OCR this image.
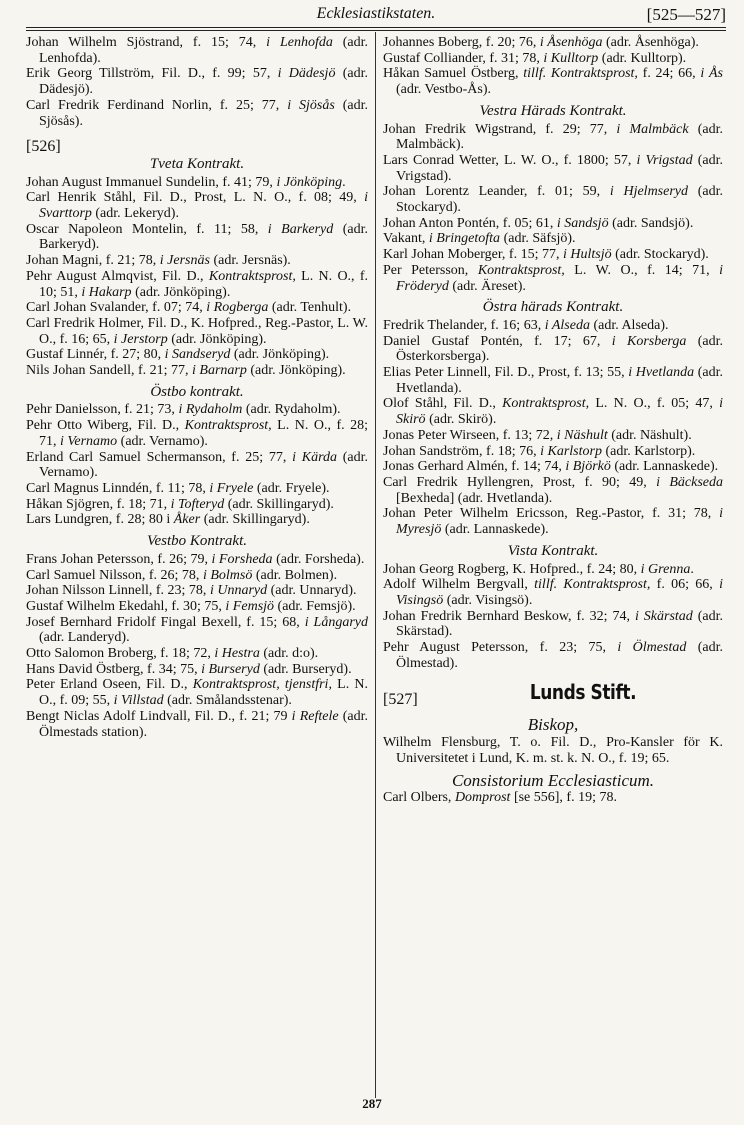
Ecklesiastikstaten.	[525—527]
Johan Wilhelm Sjöstrand, f. 15; 74, i Lenhofda (adr. Lenhofda).
Erik Georg Tillström, Fil. D., f. 99; 57, i Dädesjö (adr. Dädesjö).
Carl Fredrik Ferdinand Norlin, f. 25; 77, i Sjösås (adr. Sjösås).
[526]
Tveta Kontrakt.
Johan August Immanuel Sundelin, f. 41; 79, i Jönköping.
Carl Henrik Ståhl, Fil. D., Prost, L. N. O., f. 08; 49, i Svarttorp (adr. Lekeryd).
Oscar Napoleon Montelin, f. 11; 58, i Barkeryd (adr. Barkeryd).
Johan Magni, f. 21; 78, i Jersnäs (adr. Jersnäs).
Pehr August Almqvist, Fil. D., Kontraktsprost, L. N. O., f. 10; 51, i Hakarp (adr. Jönköping).
Carl Johan Svalander, f. 07; 74, i Rogberga (adr. Tenhult).
Carl Fredrik Holmer, Fil. D., K. Hofpred., Reg.-Pastor, L. W. O., f. 16; 65, i Jerstorp (adr. Jönköping).
Gustaf Linnér, f. 27; 80, i Sandseryd (adr. Jönköping).
Nils Johan Sandell, f. 21; 77, i Barnarp (adr. Jönköping).
Östbo kontrakt.
Pehr Danielsson, f. 21; 73, i Rydaholm (adr. Rydaholm).
Pehr Otto Wiberg, Fil. D., Kontraktsprost, L. N. O., f. 28; 71, i Vernamo (adr. Vernamo).
Erland Carl Samuel Schermanson, f. 25; 77, i Kärda (adr. Vernamo).
Carl Magnus Linndén, f. 11; 78, i Fryele (adr. Fryele).
Håkan Sjögren, f. 18; 71, i Tofteryd (adr. Skillingaryd).
Lars Lundgren, f. 28; 80 i Åker (adr. Skillingaryd).
Vestbo Kontrakt.
Frans Johan Petersson, f. 26; 79, i Forsheda (adr. Forsheda).
Carl Samuel Nilsson, f. 26; 78, i Bolmsö (adr. Bolmen).
Johan Nilsson Linnell, f. 23; 78, i Unnaryd (adr. Unnaryd).
Gustaf Wilhelm Ekedahl, f. 30; 75, i Femsjö (adr. Femsjö).
Josef Bernhard Fridolf Fingal Bexell, f. 15; 68, i Långaryd (adr. Landeryd).
Otto Salomon Broberg, f. 18; 72, i Hestra (adr. d:o).
Hans David Östberg, f. 34; 75, i Burseryd (adr. Burseryd).
Peter Erland Oseen, Fil. D., Kontraktsprost, tjenstfri, L. N. O., f. 09; 55, i Villstad (adr. Smålandsstenar).
Bengt Niclas Adolf Lindvall, Fil. D., f. 21; 79 i Reftele (adr. Ölmestads station).
Johannes Boberg, f. 20; 76, i Åsenhöga (adr. Åsenhöga).
Gustaf Colliander, f. 31; 78, i Kulltorp (adr. Kulltorp).
Håkan Samuel Östberg, tillf. Kontraktsprost, f. 24; 66, i Ås (adr. Vestbo-Ås).
Vestra Härads Kontrakt.
Johan Fredrik Wigstrand, f. 29; 77, i Malmbäck (adr. Malmbäck).
Lars Conrad Wetter, L. W. O., f. 1800; 57, i Vrigstad (adr. Vrigstad).
Johan Lorentz Leander, f. 01; 59, i Hjelmseryd (adr. Stockaryd).
Johan Anton Pontén, f. 05; 61, i Sandsjö (adr. Sandsjö).
Vakant, i Bringetofta (adr. Säfsjö).
Karl Johan Moberger, f. 15; 77, i Hultsjö (adr. Stockaryd).
Per Petersson, Kontraktsprost, L. W. O., f. 14; 71, i Fröderyd (adr. Äreset).
Östra härads Kontrakt.
Fredrik Thelander, f. 16; 63, i Alseda (adr. Alseda).
Daniel Gustaf Pontén, f. 17; 67, i Korsberga (adr. Österkorsberga).
Elias Peter Linnell, Fil. D., Prost, f. 13; 55, i Hvetlanda (adr. Hvetlanda).
Olof Ståhl, Fil. D., Kontraktsprost, L. N. O., f. 05; 47, i Skirö (adr. Skirö).
Jonas Peter Wirseen, f. 13; 72, i Näshult (adr. Näshult).
Johan Sandström, f. 18; 76, i Karlstorp (adr. Karlstorp).
Jonas Gerhard Almén, f. 14; 74, i Björkö (adr. Lannaskede).
Carl Fredrik Hyllengren, Prost, f. 90; 49, i Bäckseda [Bexheda] (adr. Hvetlanda).
Johan Peter Wilhelm Ericsson, Reg.-Pastor, f. 31; 78, i Myresjö (adr. Lannaskede).
Vista Kontrakt.
Johan Georg Rogberg, K. Hofpred., f. 24; 80, i Grenna.
Adolf Wilhelm Bergvall, tillf. Kontraktsprost, f. 06; 66, i Visingsö (adr. Visingsö).
Johan Fredrik Bernhard Beskow, f. 32; 74, i Skärstad (adr. Skärstad).
Pehr August Petersson, f. 23; 75, i Ölmestad (adr. Ölmestad).
[527]	Lunds Stift.
Biskop,
Wilhelm Flensburg, T. o. Fil. D., Pro-Kansler för K. Universitetet i Lund, K. m. st. k. N. O., f. 19; 65.
Consistorium Ecclesiasticum.
Carl Olbers, Domprost [se 556], f. 19; 78.
287
